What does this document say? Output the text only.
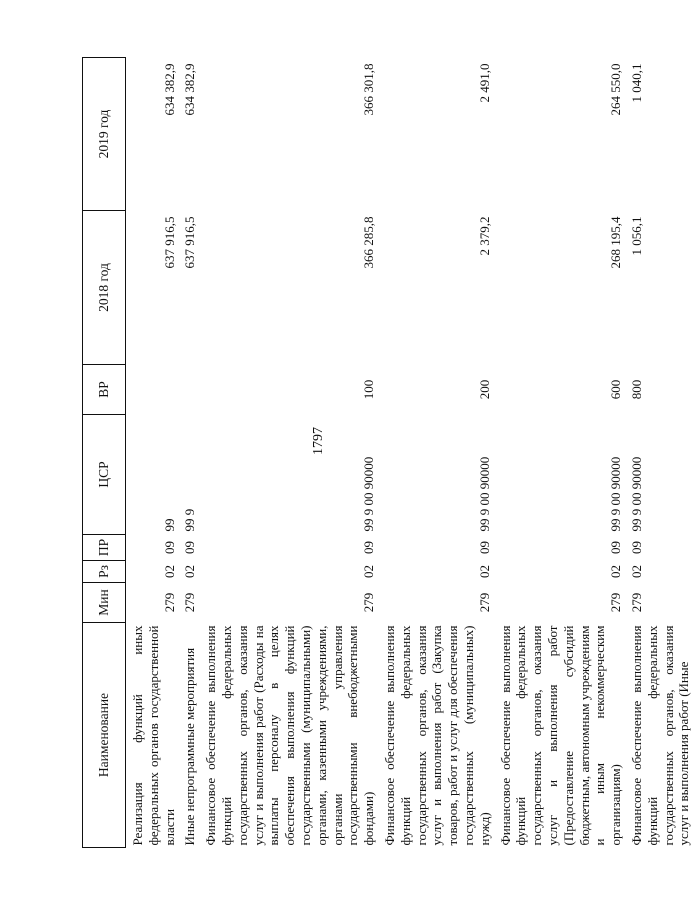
1797
Наименование	Мин	Рз	ПР	ЦСР	ВР	2018 год	2019 год
Реализация функций иных федеральных органов государственной власти	279	02	09	99		637 916,5	634 382,9
Иные непрограммные мероприятия	279	02	09	99 9		637 916,5	634 382,9
Финансовое обеспечение выполнения функций федеральных государственных органов, оказания услуг и выполнения работ (Расходы на выплаты персоналу в целях обеспечения выполнения функций государственными (муниципальными) органами, казенными учреждениями, органами управления государственными внебюджетными фондами)	279	02	09	99 9 00 90000	100	366 285,8	366 301,8
Финансовое обеспечение выполнения функций федеральных государственных органов, оказания услуг и выполнения работ (Закупка товаров, работ и услуг для обеспечения государственных (муниципальных) нужд)	279	02	09	99 9 00 90000	200	2 379,2	2 491,0
Финансовое обеспечение выполнения функций федеральных государственных органов, оказания услуг и выполнения работ (Предоставление субсидий бюджетным, автономным учреждениям и иным некоммерческим организациям)	279	02	09	99 9 00 90000	600	268 195,4	264 550,0
Финансовое обеспечение выполнения функций федеральных государственных органов, оказания услуг и выполнения работ (Иные	279	02	09	99 9 00 90000	800	1 056,1	1 040,1
